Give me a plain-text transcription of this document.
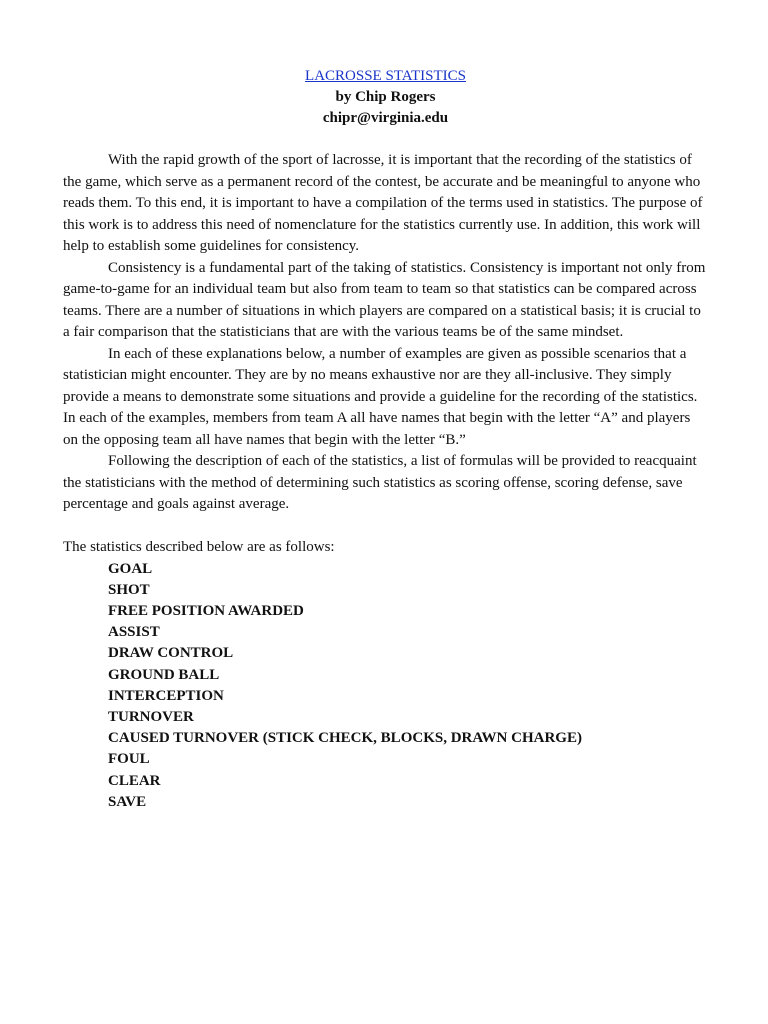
LACROSSE STATISTICS
by Chip Rogers
chipr@virginia.edu

With the rapid growth of the sport of lacrosse, it is important that the recording of the statistics of the game, which serve as a permanent record of the contest, be accurate and be meaningful to anyone who reads them. To this end, it is important to have a compilation of the terms used in statistics. The purpose of this work is to address this need of nomenclature for the statistics currently use. In addition, this work will help to establish some guidelines for consistency.

Consistency is a fundamental part of the taking of statistics. Consistency is important not only from game-to-game for an individual team but also from team to team so that statistics can be compared across teams. There are a number of situations in which players are compared on a statistical basis; it is crucial to a fair comparison that the statisticians that are with the various teams be of the same mindset.

In each of these explanations below, a number of examples are given as possible scenarios that a statistician might encounter. They are by no means exhaustive nor are they all-inclusive. They simply provide a means to demonstrate some situations and provide a guideline for the recording of the statistics. In each of the examples, members from team A all have names that begin with the letter “A” and players on the opposing team all have names that begin with the letter “B.”

Following the description of each of the statistics, a list of formulas will be provided to reacquaint the statisticians with the method of determining such statistics as scoring offense, scoring defense, save percentage and goals against average.

The statistics described below are as follows:

GOAL
SHOT
FREE POSITION AWARDED
ASSIST
DRAW CONTROL
GROUND BALL
INTERCEPTION
TURNOVER
CAUSED TURNOVER (STICK CHECK, BLOCKS, DRAWN CHARGE)
FOUL
CLEAR
SAVE
